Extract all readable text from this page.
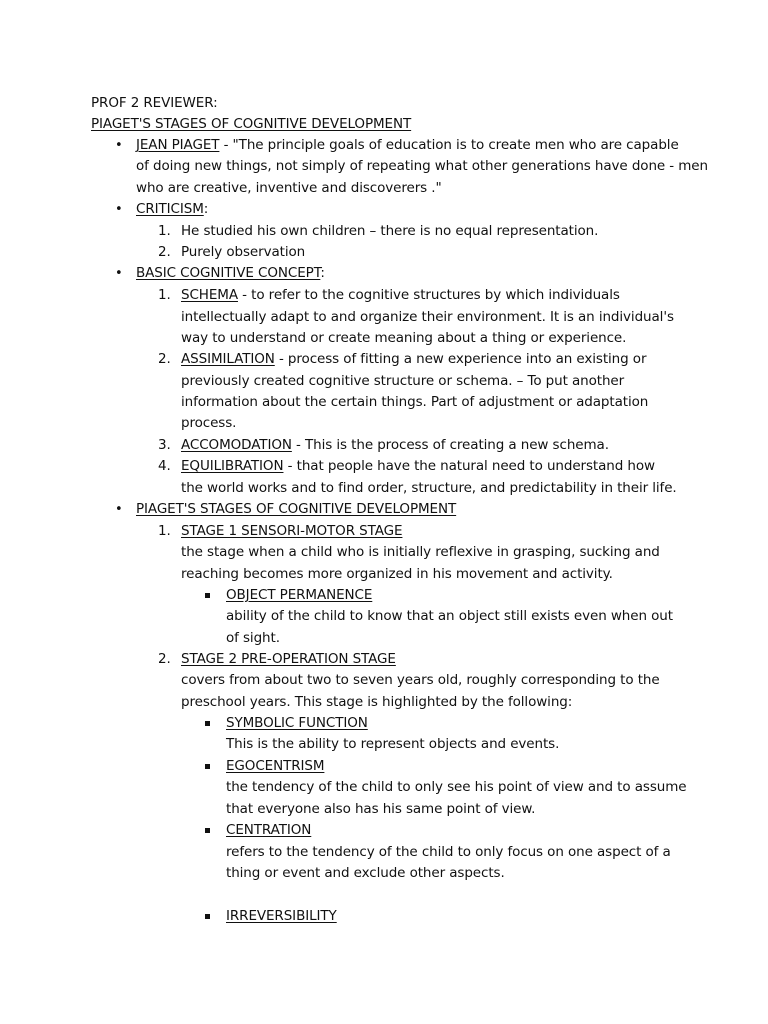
PROF 2 REVIEWER:
PIAGET'S STAGES OF COGNITIVE DEVELOPMENT
• JEAN PIAGET - "The principle goals of education is to create men who are capable
of doing new things, not simply of repeating what other generations have done - men
who are creative, inventive and discoverers ."
• CRITICISM:
1. He studied his own children – there is no equal representation.
2. Purely observation
• BASIC COGNITIVE CONCEPT:
1. SCHEMA - to refer to the cognitive structures by which individuals
intellectually adapt to and organize their environment. It is an individual's
way to understand or create meaning about a thing or experience.
2. ASSIMILATION - process of fitting a new experience into an existing or
previously created cognitive structure or schema. – To put another
information about the certain things. Part of adjustment or adaptation
process.
3. ACCOMODATION - This is the process of creating a new schema.
4. EQUILIBRATION - that people have the natural need to understand how
the world works and to find order, structure, and predictability in their life.
• PIAGET'S STAGES OF COGNITIVE DEVELOPMENT
1. STAGE 1 SENSORI-MOTOR STAGE
the stage when a child who is initially reflexive in grasping, sucking and
reaching becomes more organized in his movement and activity.
OBJECT PERMANENCE
ability of the child to know that an object still exists even when out
of sight.
2. STAGE 2 PRE-OPERATION STAGE
covers from about two to seven years old, roughly corresponding to the
preschool years. This stage is highlighted by the following:
SYMBOLIC FUNCTION
This is the ability to represent objects and events.
EGOCENTRISM
the tendency of the child to only see his point of view and to assume
that everyone also has his same point of view.
CENTRATION
refers to the tendency of the child to only focus on one aspect of a
thing or event and exclude other aspects.
IRREVERSIBILITY
